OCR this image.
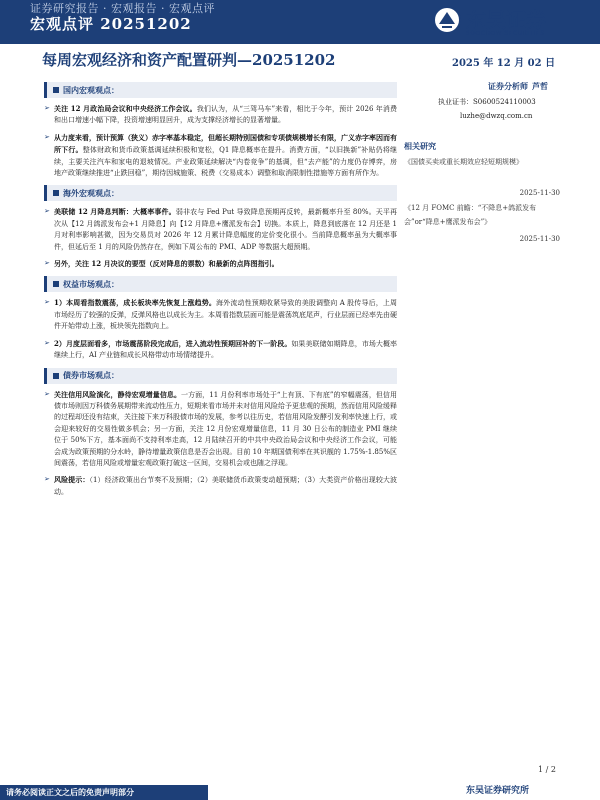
证券研究报告 · 宏观报告 · 宏观点评
宏观点评 20251202	东吴证券
SOOCHOW SECURITIES
每周宏观经济和资产配置研判—20251202	2025 年 12 月 02 日
国内宏观观点：
➢ 关注 12 月政治局会议和中央经济工作会议。我们认为，从“三驾马车”来看，相比于今年，预计 2026 年消费和出口增速小幅下降，投资增速明显回升，成为支撑经济增长的显著增量。
➢ 从力度来看，预计预算（狭义）赤字率基本稳定，但超长期特别国债和专项债规模增长有限，广义赤字率因而有所下行。整体财政和货币政策基调延续积极和宽松，Q1 降息概率在提升。消费方面，“以旧换新”补贴仍将继续，主要关注汽车和家电的退坡情况。产业政策延续解决“内卷竞争”的基调，但“去产能”的力度仍存博弈，房地产政策继续推进“止跌回稳”，期待因城施策、税费（交易成本）调整和取消限制性措施等方面有所作为。
海外宏观观点：
➢ 美联储 12 月降息判断：大概率事件。弱非农与 Fed Put 导致降息预期再反转，最新概率升至 80%。天平再次从【12 月鸽派发布会+1 月降息】向【12 月降息+鹰派发布会】切换。本质上，降息到底落在 12 月还是 1 月对利率影响甚微，因为交易员对 2026 年 12 月累计降息幅度的定价变化很小。当前降息概率虽为大概率事件，但延后至 1 月的风险仍然存在，例如下周公布的 PMI、ADP 等数据大超预期。
➢ 另外，关注 12 月决议的要型（反对降息的票数）和最新的点阵图指引。
权益市场观点：
➢ 1）本周看指数震荡，成长板块率先恢复上涨趋势。海外流动性预期收紧导致的美股调整向 A 股传导后，上周市场经历了较强的反弹，反弹风格也以成长为主。本周看指数层面可能是震荡筑底尾声，行业层面已经率先由硬件开始带动上涨，板块领先指数向上。
➢ 2）月度层面看多，市场震荡阶段完成后，进入流动性预期回补的下一阶段。如果美联储如期降息，市场大概率继续上行，AI 产业链和成长风格带动市场情绪提升。
债券市场观点：
➢ 关注信用风险演化，静待宏观增量信息。一方面，11 月份利率市场处于“上有顶、下有底”的窄幅震荡，但信用债市场则因万科债务展期带来流动性压力，短期来看市场并未对信用风险给予更悲观的预期，然而信用风险缓释的过程却还没有结束，关注接下来万科股债市场的发展，参考以往历史，若信用风险发酵引发利率快速上行，或会迎来较好的交易性做多机会；另一方面，关注 12 月份宏观增量信息，11 月 30 日公布的制造业 PMI 继续位于 50%下方，基本面尚不支持利率走高，12 月陆续召开的中共中央政治局会议和中央经济工作会议，可能会成为政策预期的分水岭，静待增量政策信息是否会出现。目前 10 年期国债利率在其识舰的 1.75%-1.85%区间震荡，若信用风险或增量宏观政策打破这一区间，交易机会或也随之浮现。
➢ 风险提示：（1）经济政策出台节奏不及预期；（2）美联储货币政策变动超预期；（3）大类资产价格出现较大波动。
证券分析师 芦哲
执业证书：S0600524110003
luzhe@dwzq.com.cn
相关研究
《国债买卖或重长期效应轻短期规模》
2025-11-30
《12 月 FOMC 前瞻：“不降息+鸽派发布会”or“降息+鹰派发布会”》
2025-11-30
1 / 2
东吴证券研究所
请务必阅读正文之后的免责声明部分
